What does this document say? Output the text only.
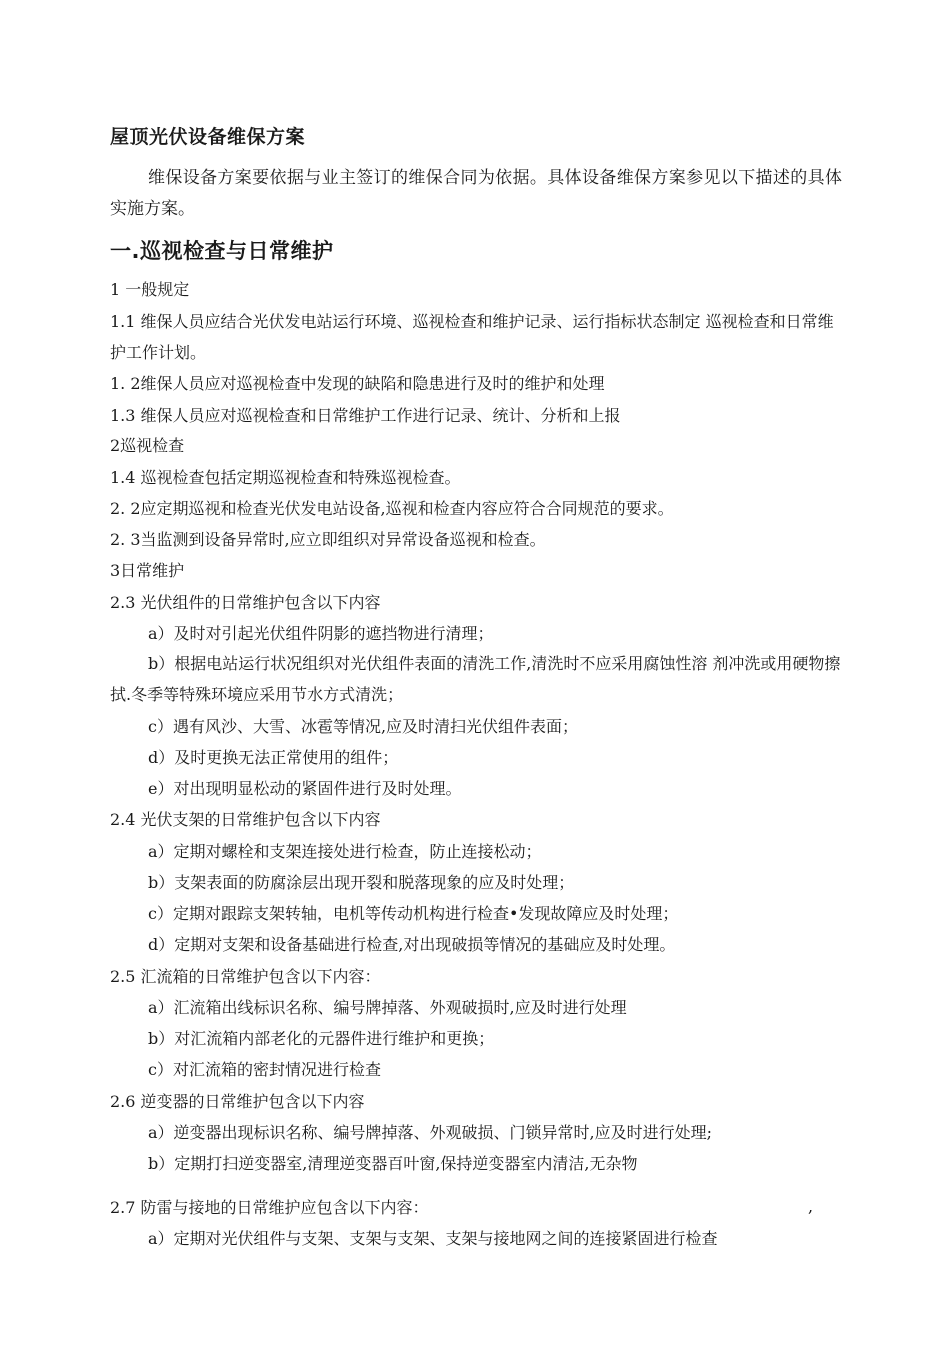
屋顶光伏设备维保方案
维保设备方案要依据与业主签订的维保合同为依据。具体设备维保方案参见以下描述的具体实施方案。
一.巡视检查与日常维护
1 一般规定
1.1 维保人员应结合光伏发电站运行环境、巡视检查和维护记录、运行指标状态制定 巡视检查和日常维护工作计划。
1. 2维保人员应对巡视检查中发现的缺陷和隐患进行及时的维护和处理
1.3 维保人员应对巡视检查和日常维护工作进行记录、统计、分析和上报
2巡视检查
1.4 巡视检查包括定期巡视检查和特殊巡视检查。
2. 2应定期巡视和检查光伏发电站设备,巡视和检查内容应符合合同规范的要求。
2. 3当监测到设备异常时,应立即组织对异常设备巡视和检查。
3日常维护
2.3 光伏组件的日常维护包含以下内容
a）及时对引起光伏组件阴影的遮挡物进行清理；
b）根据电站运行状况组织对光伏组件表面的清洗工作,清洗时不应采用腐蚀性溶 剂冲洗或用硬物擦拭.冬季等特殊环境应采用节水方式清洗；
c）遇有风沙、大雪、冰雹等情况,应及时清扫光伏组件表面；
d）及时更换无法正常使用的组件；
e）对出现明显松动的紧固件进行及时处理。
2.4 光伏支架的日常维护包含以下内容
a）定期对螺栓和支架连接处进行检查，防止连接松动；
b）支架表面的防腐涂层出现开裂和脱落现象的应及时处理；
c）定期对跟踪支架转轴，电机等传动机构进行检查•发现故障应及时处理；
d）定期对支架和设备基础进行检查,对出现破损等情况的基础应及时处理。
2.5 汇流箱的日常维护包含以下内容：
a）汇流箱出线标识名称、编号牌掉落、外观破损时,应及时进行处理
b）对汇流箱内部老化的元器件进行维护和更换；
c）对汇流箱的密封情况进行检查
2.6 逆变器的日常维护包含以下内容
a）逆变器出现标识名称、编号牌掉落、外观破损、门锁异常时,应及时进行处理;
b）定期打扫逆变器室,清理逆变器百叶窗,保持逆变器室内清洁,无杂物
2.7 防雷与接地的日常维护应包含以下内容：	,
a）定期对光伏组件与支架、支架与支架、支架与接地网之间的连接紧固进行检查
